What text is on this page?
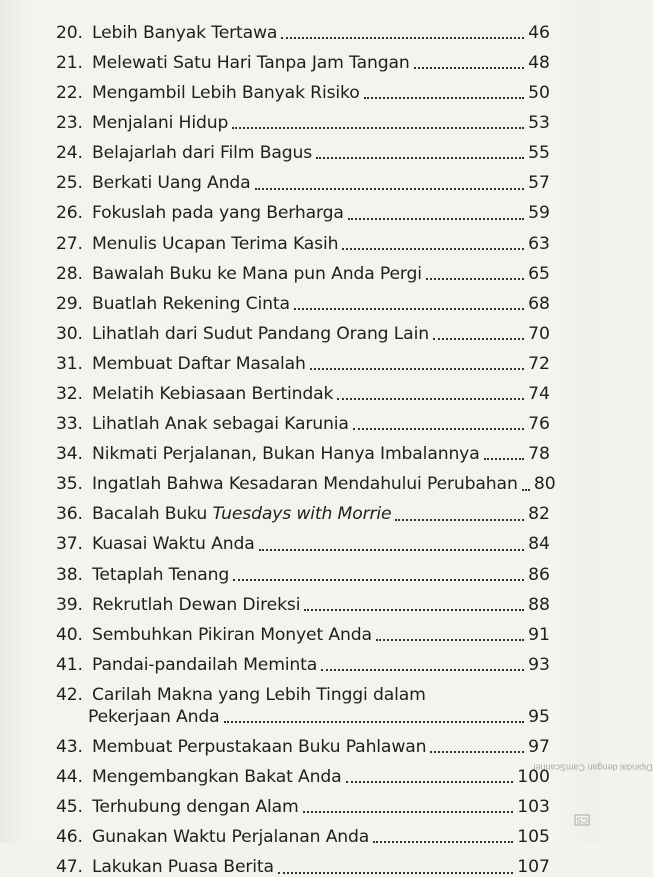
20. Lebih Banyak Tertawa	46
21. Melewati Satu Hari Tanpa Jam Tangan	48
22. Mengambil Lebih Banyak Risiko	50
23. Menjalani Hidup	53
24. Belajarlah dari Film Bagus	55
25. Berkati Uang Anda	57
26. Fokuslah pada yang Berharga	59
27. Menulis Ucapan Terima Kasih	63
28. Bawalah Buku ke Mana pun Anda Pergi	65
29. Buatlah Rekening Cinta	68
30. Lihatlah dari Sudut Pandang Orang Lain	70
31. Membuat Daftar Masalah	72
32. Melatih Kebiasaan Bertindak	74
33. Lihatlah Anak sebagai Karunia	76
34. Nikmati Perjalanan, Bukan Hanya Imbalannya	78
35. Ingatlah Bahwa Kesadaran Mendahului Perubahan 80
36. Bacalah Buku Tuesdays with Morrie	82
37. Kuasai Waktu Anda	84
38. Tetaplah Tenang	86
39. Rekrutlah Dewan Direksi	88
40. Sembuhkan Pikiran Monyet Anda	91
41. Pandai-pandailah Meminta	93
42. Carilah Makna yang Lebih Tinggi dalam
Pekerjaan Anda	95
43. Membuat Perpustakaan Buku Pahlawan	97
44. Mengembangkan Bakat Anda	100
45. Terhubung dengan Alam	103
46. Gunakan Waktu Perjalanan Anda	105
47. Lakukan Puasa Berita	107
CS
Dipindai dengan CamScanner
